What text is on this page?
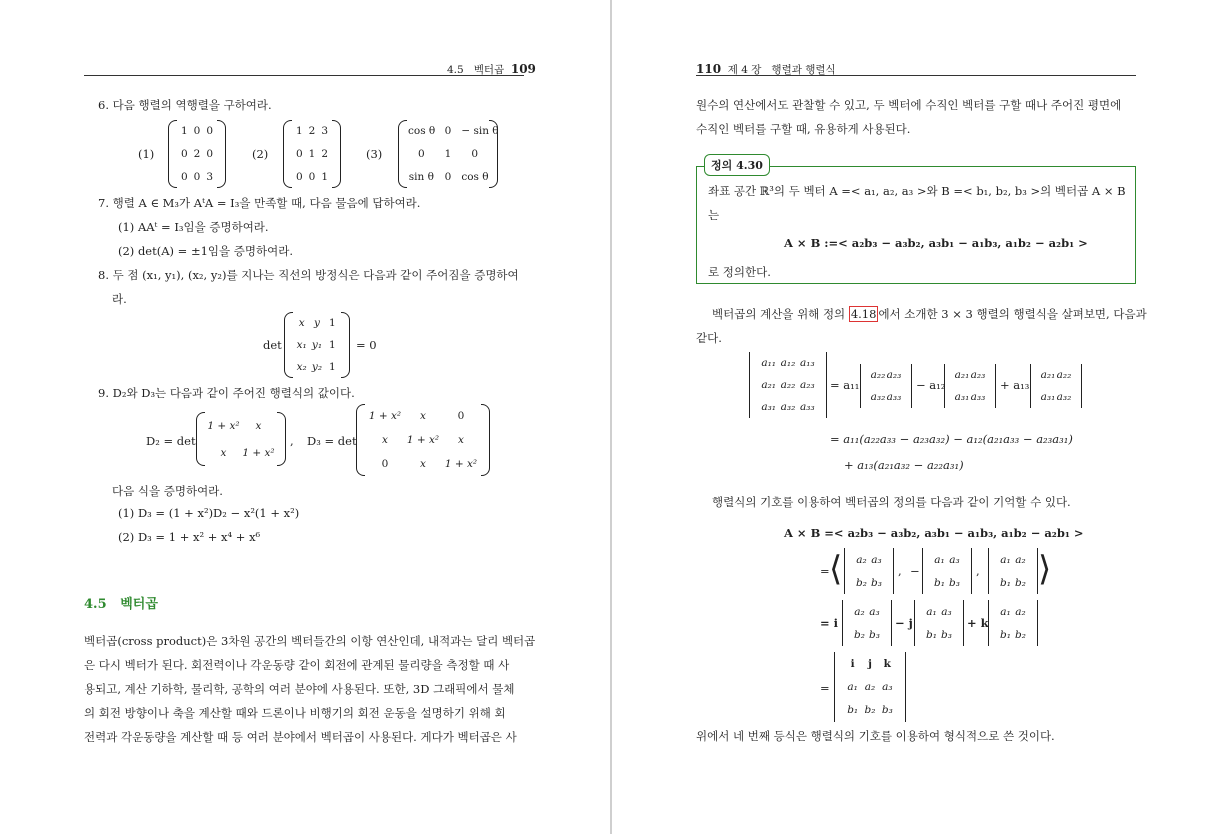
4.5 벡터곱 109
6. 다음 행렬의 역행렬을 구하여라.
(1)
1 0 0
0 2 0
0 0 3
(2)
1 2 3
0 1 2
0 0 1
(3)
cos θ 0 − sin θ
0	1	0
sin θ	0 cos θ
7. 행렬 A ∈ M₃가 AᵗA = I₃을 만족할 때, 다음 물음에 답하여라.
(1) AAᵗ = I₃임을 증명하여라.
(2) det(A) = ±1임을 증명하여라.
8. 두 점 (x₁, y₁), (x₂, y₂)를 지나는 직선의 방정식은 다음과 같이 주어짐을 증명하여
라.
det
x y 1
x₁ y₁ 1
x₂ y₂ 1
= 0
9. D₂와 D₃는 다음과 같이 주어진 행렬식의 값이다.
D₂ = det
1 + x²	x
x	1 + x²
, D₃ = det
1 + x²	x	0
x	1 + x²	x
0	x	1 + x²
다음 식을 증명하여라.
(1) D₃ = (1 + x²)D₂ − x²(1 + x²)
(2) D₃ = 1 + x² + x⁴ + x⁶
4.5 벡터곱
벡터곱(cross product)은 3차원 공간의 벡터들간의 이항 연산인데, 내적과는 달리 벡터곱
은 다시 벡터가 된다. 회전력이나 각운동량 같이 회전에 관계된 물리량을 측정할 때 사
용되고, 계산 기하학, 물리학, 공학의 여러 분야에 사용된다. 또한, 3D 그래픽에서 물체
의 회전 방향이나 축을 계산할 때와 드론이나 비행기의 회전 운동을 설명하기 위해 회
전력과 각운동량을 계산할 때 등 여러 분야에서 벡터곱이 사용된다. 게다가 벡터곱은 사
110 제 4 장 행렬과 행렬식
원수의 연산에서도 관찰할 수 있고, 두 벡터에 수직인 벡터를 구할 때나 주어진 평면에
수직인 벡터를 구할 때, 유용하게 사용된다.
정의 4.30
좌표 공간 ℝ³의 두 벡터 A =< a₁, a₂, a₃ >와 B =< b₁, b₂, b₃ >의 벡터곱 A × B
는
A × B :=< a₂b₃ − a₃b₂, a₃b₁ − a₁b₃, a₁b₂ − a₂b₁ >
로 정의한다.
벡터곱의 계산을 위해 정의 4.18 에서 소개한 3 × 3 행렬의 행렬식을 살펴보면, 다음과
같다.
a₁₁ a₁₂ a₁₃
a₂₁ a₂₂ a₂₃
a₃₁ a₃₂ a₃₃
= a₁₁
a₂₂ a₂₃
a₃₂ a₃₃
− a₁₂
a₂₁ a₂₃
a₃₁ a₃₃
+ a₁₃
a₂₁ a₂₂
a₃₁ a₃₂
= a₁₁(a₂₂a₃₃ − a₂₃a₃₂) − a₁₂(a₂₁a₃₃ − a₂₃a₃₁)
+ a₁₃(a₂₁a₃₂ − a₂₂a₃₁)
행렬식의 기호를 이용하여 벡터곱의 정의를 다음과 같이 기억할 수 있다.
A × B =< a₂b₃ − a₃b₂, a₃b₁ − a₁b₃, a₁b₂ − a₂b₁ >
= ⟨ a₂ a₃
b₂ b₃
, −
a₁ a₃
b₁ b₃
,
a₁ a₂
b₁ b₂ ⟩
= i
a₂ a₃
b₂ b₃
− j
a₁ a₃
b₁ b₃
+ k
a₁ a₂
b₁ b₂
=
i	j	k
a₁ a₂ a₃
b₁ b₂ b₃
위에서 네 번째 등식은 행렬식의 기호를 이용하여 형식적으로 쓴 것이다.
